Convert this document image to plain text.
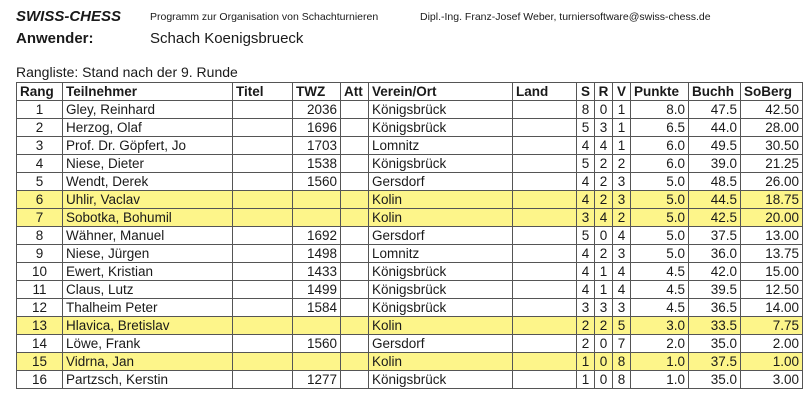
SWISS-CHESS	Programm zur Organisation von Schachturnieren	Dipl.-Ing. Franz-Josef Weber, turniersoftware@swiss-chess.de
Anwender:	Schach Koenigsbrueck
Rangliste: Stand nach der 9. Runde
Rang	Teilnehmer	Titel	TWZ	Att	Verein/Ort	Land	S	R	V	Punkte	Buchh	SoBerg
1	Gley, Reinhard		2036		Königsbrück		8	0	1	8.0	47.5	42.50
2	Herzog, Olaf		1696		Königsbrück		5	3	1	6.5	44.0	28.00
3	Prof. Dr. Göpfert, Jo		1703		Lomnitz		4	4	1	6.0	49.5	30.50
4	Niese, Dieter		1538		Königsbrück		5	2	2	6.0	39.0	21.25
5	Wendt, Derek		1560		Gersdorf		4	2	3	5.0	48.5	26.00
6	Uhlir, Vaclav				Kolin		4	2	3	5.0	44.5	18.75
7	Sobotka, Bohumil				Kolin		3	4	2	5.0	42.5	20.00
8	Wähner, Manuel		1692		Gersdorf		5	0	4	5.0	37.5	13.00
9	Niese, Jürgen		1498		Lomnitz		4	2	3	5.0	36.0	13.75
10	Ewert, Kristian		1433		Königsbrück		4	1	4	4.5	42.0	15.00
11	Claus, Lutz		1499		Königsbrück		4	1	4	4.5	39.5	12.50
12	Thalheim Peter		1584		Königsbrück		3	3	3	4.5	36.5	14.00
13	Hlavica, Bretislav				Kolin		2	2	5	3.0	33.5	7.75
14	Löwe, Frank		1560		Gersdorf		2	0	7	2.0	35.0	2.00
15	Vidrna, Jan				Kolin		1	0	8	1.0	37.5	1.00
16	Partzsch, Kerstin		1277		Königsbrück		1	0	8	1.0	35.0	3.00
